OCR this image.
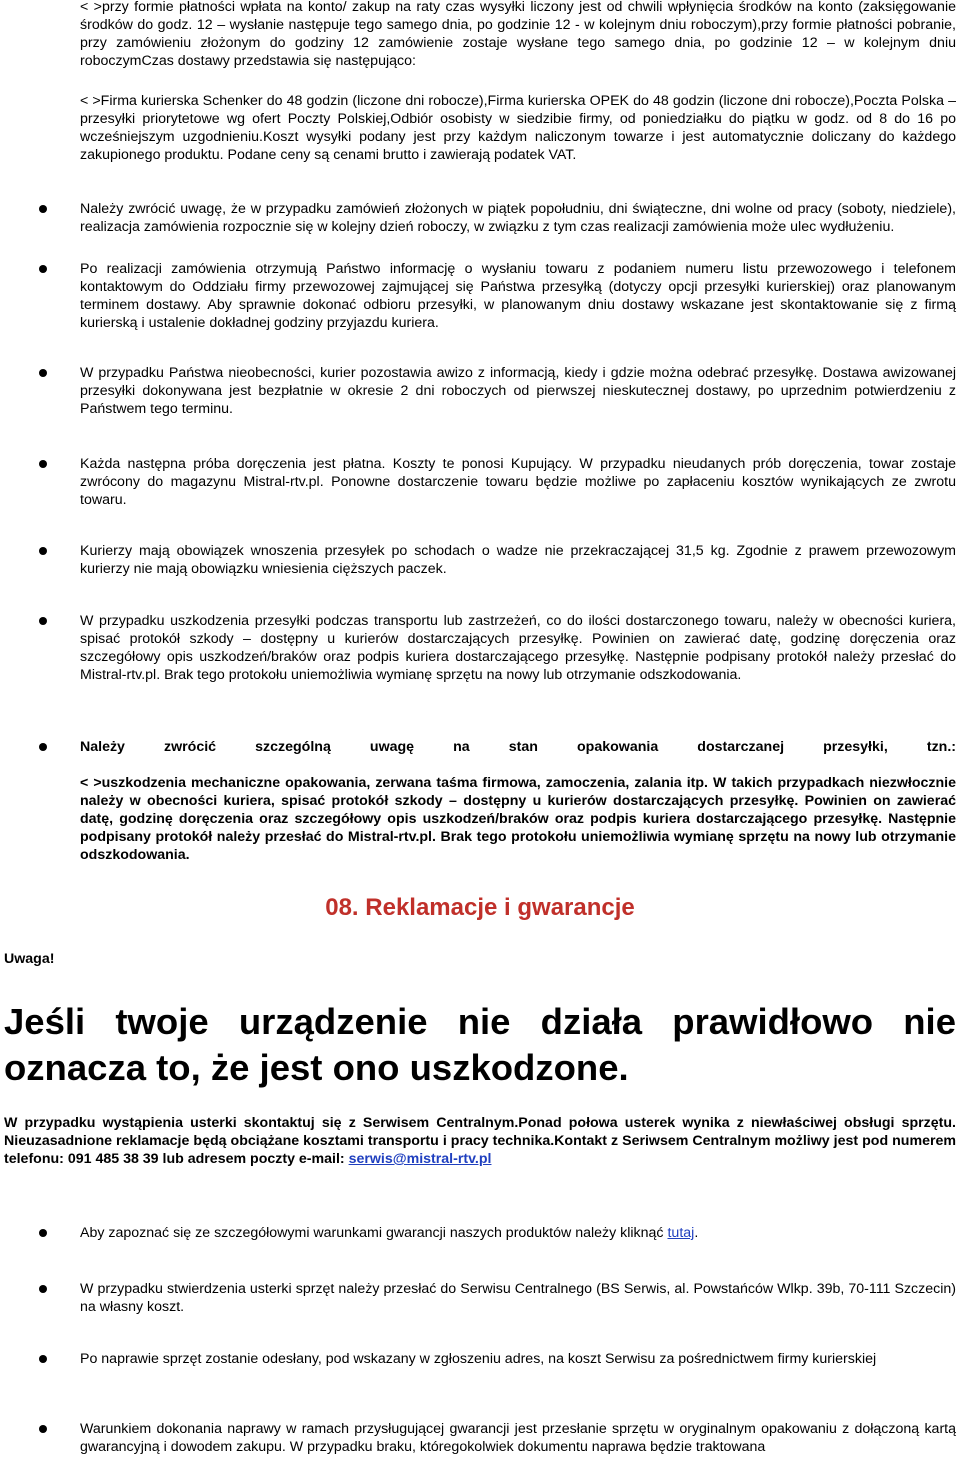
< >przy formie płatności wpłata na konto/ zakup na raty czas wysyłki liczony jest od chwili wpłynięcia środków na konto (zaksięgowanie środków do godz. 12 – wysłanie następuje tego samego dnia, po godzinie 12 - w kolejnym dniu roboczym),przy formie płatności pobranie, przy zamówieniu złożonym do godziny 12 zamówienie zostaje wysłane tego samego dnia, po godzinie 12 – w kolejnym dniu roboczymCzas dostawy przedstawia się następująco:

< >Firma kurierska Schenker do 48 godzin (liczone dni robocze),Firma kurierska OPEK do 48 godzin (liczone dni robocze),Poczta Polska – przesyłki priorytetowe wg ofert Poczty Polskiej,Odbiór osobisty w siedzibie firmy, od poniedziałku do piątku w godz. od 8 do 16 po wcześniejszym uzgodnieniu.Koszt wysyłki podany jest przy każdym naliczonym towarze i jest automatycznie doliczany do każdego zakupionego produktu. Podane ceny są cenami brutto i zawierają podatek VAT.

Należy zwrócić uwagę, że w przypadku zamówień złożonych w piątek popołudniu, dni świąteczne, dni wolne od pracy (soboty, niedziele), realizacja zamówienia rozpocznie się w kolejny dzień roboczy, w związku z tym czas realizacji zamówienia może ulec wydłużeniu.

Po realizacji zamówienia otrzymują Państwo informację o wysłaniu towaru z podaniem numeru listu przewozowego i telefonem kontaktowym do Oddziału firmy przewozowej zajmującej się Państwa przesyłką (dotyczy opcji przesyłki kurierskiej) oraz planowanym terminem dostawy. Aby sprawnie dokonać odbioru przesyłki, w planowanym dniu dostawy wskazane jest skontaktowanie się z firmą kurierską i ustalenie dokładnej godziny przyjazdu kuriera.

W przypadku Państwa nieobecności, kurier pozostawia awizo z informacją, kiedy i gdzie można odebrać przesyłkę. Dostawa awizowanej przesyłki dokonywana jest bezpłatnie w okresie 2 dni roboczych od pierwszej nieskutecznej dostawy, po uprzednim potwierdzeniu z Państwem tego terminu.

Każda następna próba doręczenia jest płatna. Koszty te ponosi Kupujący. W przypadku nieudanych prób doręczenia, towar zostaje zwrócony do magazynu Mistral-rtv.pl. Ponowne dostarczenie towaru będzie możliwe po zapłaceniu kosztów wynikających ze zwrotu towaru.

Kurierzy mają obowiązek wnoszenia przesyłek po schodach o wadze nie przekraczającej 31,5 kg. Zgodnie z prawem przewozowym kurierzy nie mają obowiązku wniesienia cięższych paczek.

W przypadku uszkodzenia przesyłki podczas transportu lub zastrzeżeń, co do ilości dostarczonego towaru, należy w obecności kuriera, spisać protokół szkody – dostępny u kurierów dostarczających przesyłkę. Powinien on zawierać datę, godzinę doręczenia oraz szczegółowy opis uszkodzeń/braków oraz podpis kuriera dostarczającego przesyłkę. Następnie podpisany protokół należy przesłać do Mistral-rtv.pl. Brak tego protokołu uniemożliwia wymianę sprzętu na nowy lub otrzymanie odszkodowania.

Należy zwrócić szczególną uwagę na stan opakowania dostarczanej przesyłki, tzn.:

< >uszkodzenia mechaniczne opakowania, zerwana taśma firmowa, zamoczenia, zalania itp. W takich przypadkach niezwłocznie należy w obecności kuriera, spisać protokół szkody – dostępny u kurierów dostarczających przesyłkę. Powinien on zawierać datę, godzinę doręczenia oraz szczegółowy opis uszkodzeń/braków oraz podpis kuriera dostarczającego przesyłkę. Następnie podpisany protokół należy przesłać do Mistral-rtv.pl. Brak tego protokołu uniemożliwia wymianę sprzętu na nowy lub otrzymanie odszkodowania.

08. Reklamacje i gwarancje
Uwaga!

Jeśli twoje urządzenie nie działa prawidłowo nie oznacza to, że jest ono uszkodzone.

W przypadku wystąpienia usterki skontaktuj się z Serwisem Centralnym.Ponad połowa usterek wynika z niewłaściwej obsługi sprzętu. Nieuzasadnione reklamacje będą obciążane kosztami transportu i pracy technika.Kontakt z Seriwsem Centralnym możliwy jest pod numerem telefonu: 091 485 38 39 lub adresem poczty e-mail: serwis@mistral-rtv.pl

Aby zapoznać się ze szczegółowymi warunkami gwarancji naszych produktów należy kliknąć tutaj.

W przypadku stwierdzenia usterki sprzęt należy przesłać do Serwisu Centralnego (BS Serwis, al. Powstańców Wlkp. 39b, 70-111 Szczecin) na własny koszt.

Po naprawie sprzęt zostanie odesłany, pod wskazany w zgłoszeniu adres, na koszt Serwisu za pośrednictwem firmy kurierskiej

Warunkiem dokonania naprawy w ramach przysługującej gwarancji jest przesłanie sprzętu w oryginalnym opakowaniu z dołączoną kartą gwarancyjną i dowodem zakupu. W przypadku braku, któregokolwiek dokumentu naprawa będzie traktowana
